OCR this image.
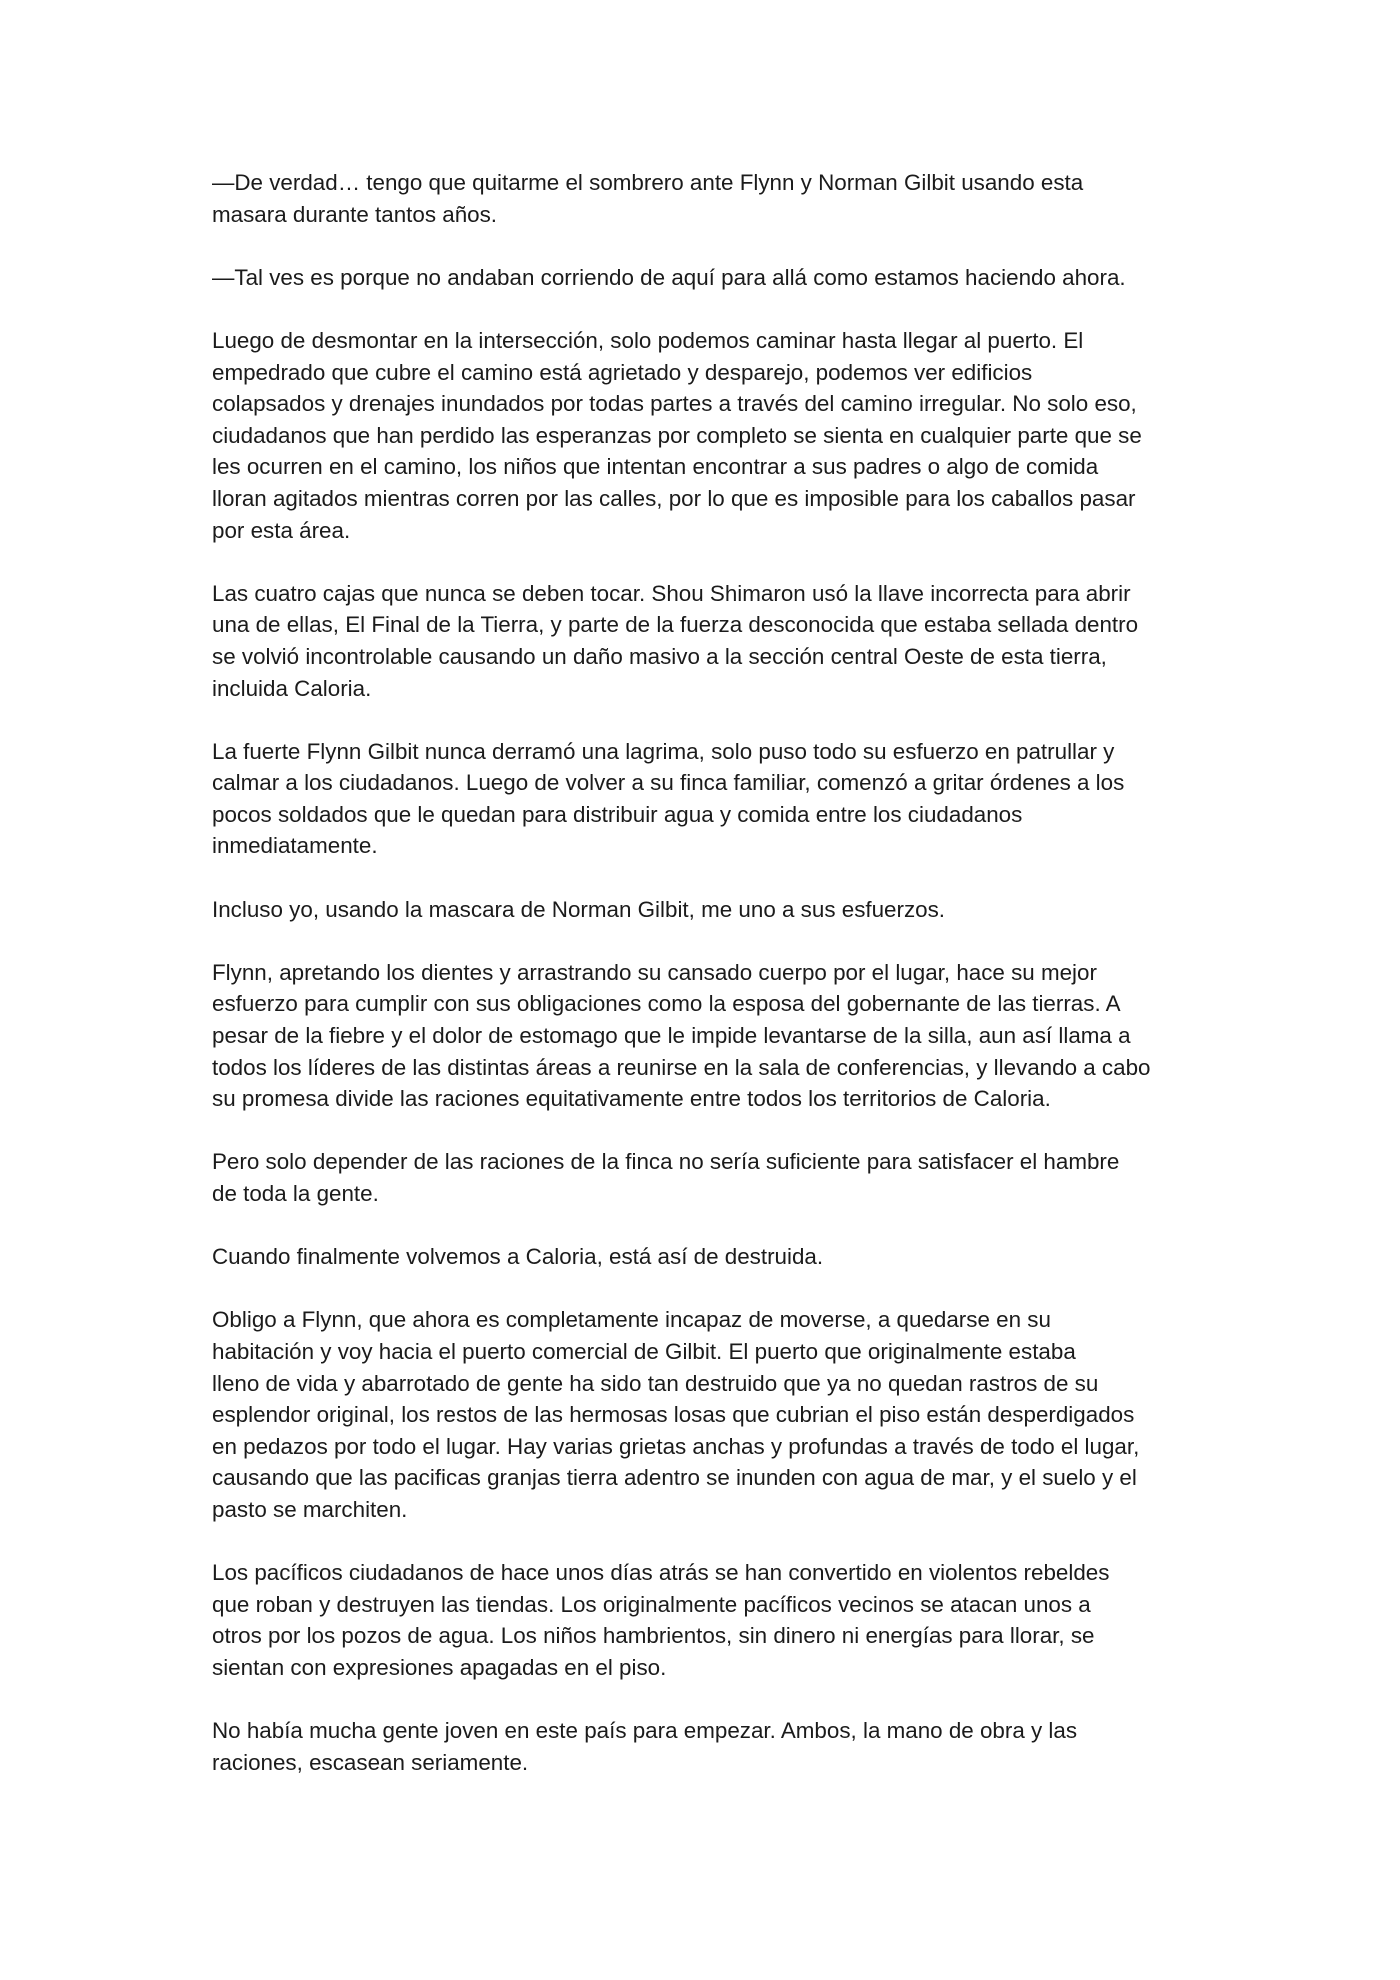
—De verdad… tengo que quitarme el sombrero ante Flynn y Norman Gilbit usando esta
masara durante tantos años.

—Tal ves es porque no andaban corriendo de aquí para allá como estamos haciendo ahora.

Luego de desmontar en la intersección, solo podemos caminar hasta llegar al puerto. El
empedrado que cubre el camino está agrietado y desparejo, podemos ver edificios
colapsados y drenajes inundados por todas partes a través del camino irregular. No solo eso,
ciudadanos que han perdido las esperanzas por completo se sienta en cualquier parte que se
les ocurren en el camino, los niños que intentan encontrar a sus padres o algo de comida
lloran agitados mientras corren por las calles, por lo que es imposible para los caballos pasar
por esta área.

Las cuatro cajas que nunca se deben tocar. Shou Shimaron usó la llave incorrecta para abrir
una de ellas, El Final de la Tierra, y parte de la fuerza desconocida que estaba sellada dentro
se volvió incontrolable causando un daño masivo a la sección central Oeste de esta tierra,
incluida Caloria.

La fuerte Flynn Gilbit nunca derramó una lagrima, solo puso todo su esfuerzo en patrullar y
calmar a los ciudadanos. Luego de volver a su finca familiar, comenzó a gritar órdenes a los
pocos soldados que le quedan para distribuir agua y comida entre los ciudadanos
inmediatamente.

Incluso yo, usando la mascara de Norman Gilbit, me uno a sus esfuerzos.

Flynn, apretando los dientes y arrastrando su cansado cuerpo por el lugar, hace su mejor
esfuerzo para cumplir con sus obligaciones como la esposa del gobernante de las tierras. A
pesar de la fiebre y el dolor de estomago que le impide levantarse de la silla, aun así llama a
todos los líderes de las distintas áreas a reunirse en la sala de conferencias, y llevando a cabo
su promesa divide las raciones equitativamente entre todos los territorios de Caloria.

Pero solo depender de las raciones de la finca no sería suficiente para satisfacer el hambre
de toda la gente.

Cuando finalmente volvemos a Caloria, está así de destruida.

Obligo a Flynn, que ahora es completamente incapaz de moverse, a quedarse en su
habitación y voy hacia el puerto comercial de Gilbit. El puerto que originalmente estaba
lleno de vida y abarrotado de gente ha sido tan destruido que ya no quedan rastros de su
esplendor original, los restos de las hermosas losas que cubrian el piso están desperdigados
en pedazos por todo el lugar. Hay varias grietas anchas y profundas a través de todo el lugar,
causando que las pacificas granjas tierra adentro se inunden con agua de mar, y el suelo y el
pasto se marchiten.

Los pacíficos ciudadanos de hace unos días atrás se han convertido en violentos rebeldes
que roban y destruyen las tiendas. Los originalmente pacíficos vecinos se atacan unos a
otros por los pozos de agua. Los niños hambrientos, sin dinero ni energías para llorar, se
sientan con expresiones apagadas en el piso.

No había mucha gente joven en este país para empezar. Ambos, la mano de obra y las
raciones, escasean seriamente.
